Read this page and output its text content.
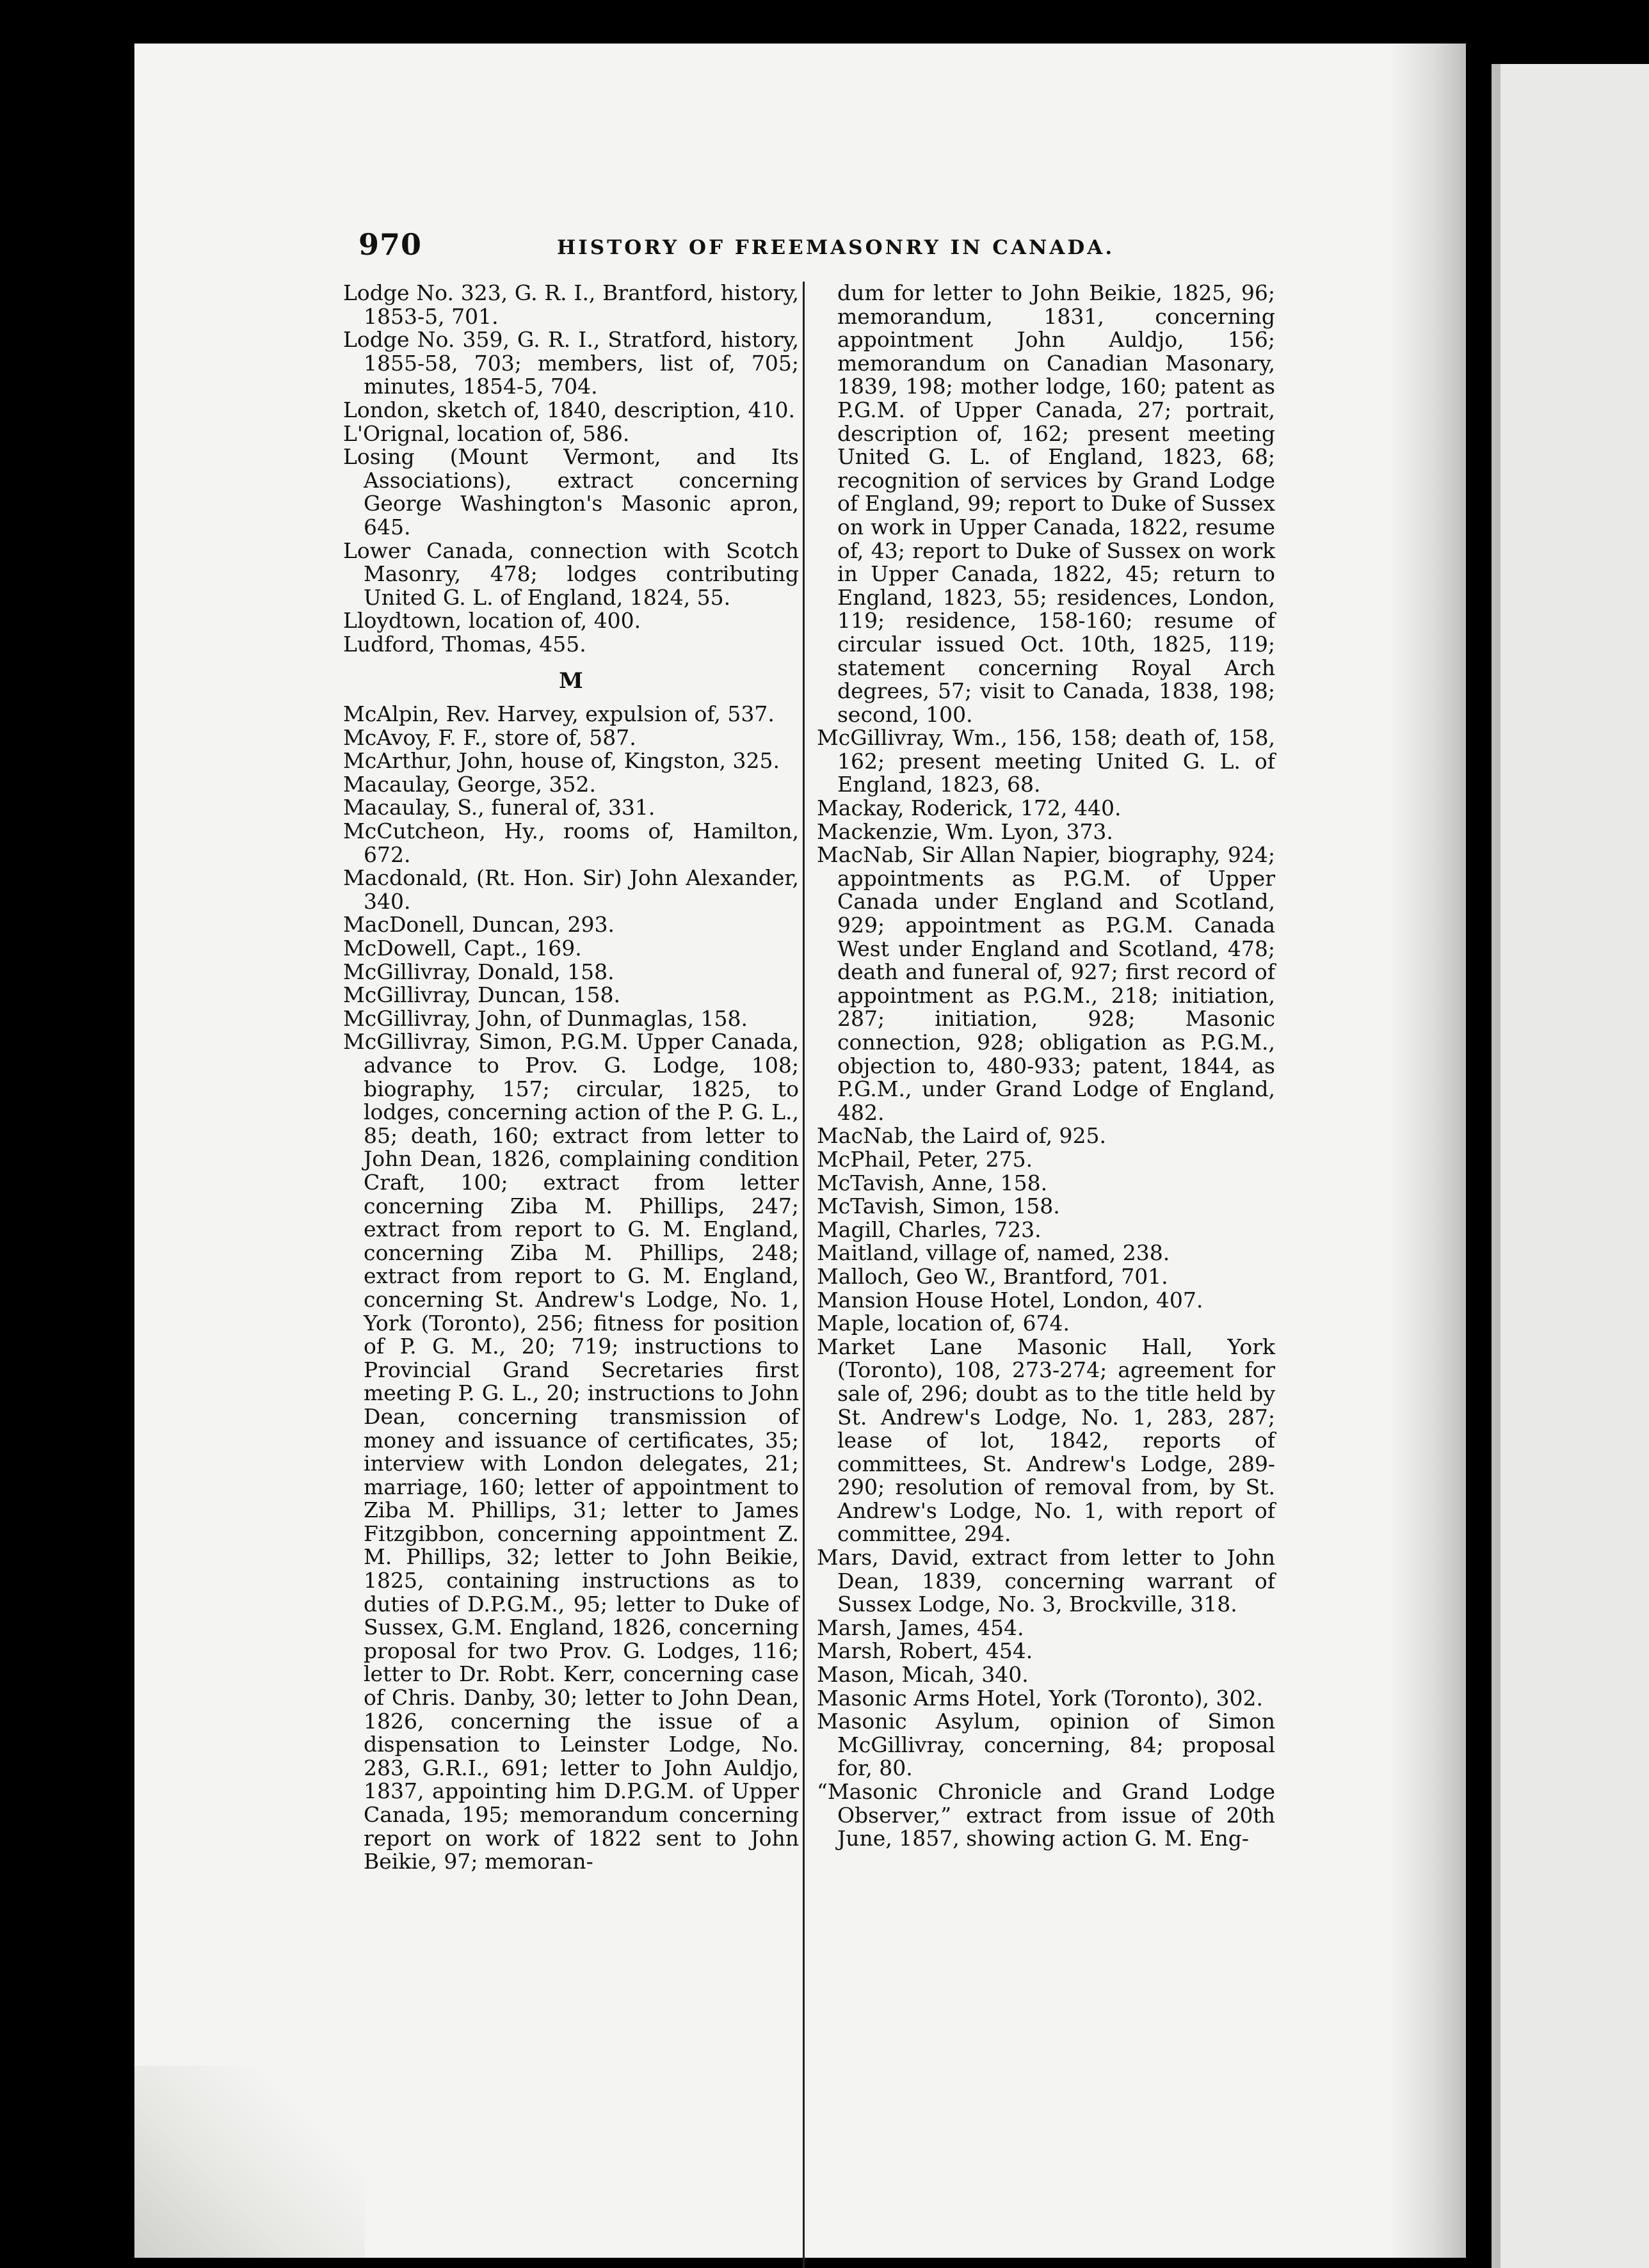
970	HISTORY OF FREEMASONRY IN CANADA.

Lodge No. 323, G. R. I., Brantford, history, 1853-5, 701.

Lodge No. 359, G. R. I., Stratford, history, 1855-58, 703; members, list of, 705; minutes, 1854-5, 704.

London, sketch of, 1840, description, 410.

L'Orignal, location of, 586.

Losing (Mount Vermont, and Its Associations), extract concerning George Washington's Masonic apron, 645.

Lower Canada, connection with Scotch Masonry, 478; lodges contributing United G. L. of England, 1824, 55.

Lloydtown, location of, 400.

Ludford, Thomas, 455.

M

McAlpin, Rev. Harvey, expulsion of, 537.

McAvoy, F. F., store of, 587.

McArthur, John, house of, Kingston, 325.

Macaulay, George, 352.

Macaulay, S., funeral of, 331.

McCutcheon, Hy., rooms of, Hamilton, 672.

Macdonald, (Rt. Hon. Sir) John Alexander, 340.

MacDonell, Duncan, 293.

McDowell, Capt., 169.

McGillivray, Donald, 158.

McGillivray, Duncan, 158.

McGillivray, John, of Dunmaglas, 158.

McGillivray, Simon, P.G.M. Upper Canada, advance to Prov. G. Lodge, 108; biography, 157; circular, 1825, to lodges, concerning action of the P. G. L., 85; death, 160; extract from letter to John Dean, 1826, complaining condition Craft, 100; extract from letter concerning Ziba M. Phillips, 247; extract from report to G. M. England, concerning Ziba M. Phillips, 248; extract from report to G. M. England, concerning St. Andrew's Lodge, No. 1, York (Toronto), 256; fitness for position of P. G. M., 20; 719; instructions to Provincial Grand Secretaries first meeting P. G. L., 20; instructions to John Dean, concerning transmission of money and issuance of certificates, 35; interview with London delegates, 21; marriage, 160; letter of appointment to Ziba M. Phillips, 31; letter to James Fitzgibbon, concerning appointment Z. M. Phillips, 32; letter to John Beikie, 1825, containing instructions as to duties of D.P.G.M., 95; letter to Duke of Sussex, G.M. England, 1826, concerning proposal for two Prov. G. Lodges, 116; letter to Dr. Robt. Kerr, concerning case of Chris. Danby, 30; letter to John Dean, 1826, concerning the issue of a dispensation to Leinster Lodge, No. 283, G.R.I., 691; letter to John Auldjo, 1837, appointing him D.P.G.M. of Upper Canada, 195; memorandum concerning report on work of 1822 sent to John Beikie, 97; memoran-

dum for letter to John Beikie, 1825, 96; memorandum, 1831, concerning appointment John Auldjo, 156; memorandum on Canadian Masonary, 1839, 198; mother lodge, 160; patent as P.G.M. of Upper Canada, 27; portrait, description of, 162; present meeting United G. L. of England, 1823, 68; recognition of services by Grand Lodge of England, 99; report to Duke of Sussex on work in Upper Canada, 1822, resume of, 43; report to Duke of Sussex on work in Upper Canada, 1822, 45; return to England, 1823, 55; residences, London, 119; residence, 158-160; resume of circular issued Oct. 10th, 1825, 119; statement concerning Royal Arch degrees, 57; visit to Canada, 1838, 198; second, 100.

McGillivray, Wm., 156, 158; death of, 158, 162; present meeting United G. L. of England, 1823, 68.

Mackay, Roderick, 172, 440.

Mackenzie, Wm. Lyon, 373.

MacNab, Sir Allan Napier, biography, 924; appointments as P.G.M. of Upper Canada under England and Scotland, 929; appointment as P.G.M. Canada West under England and Scotland, 478; death and funeral of, 927; first record of appointment as P.G.M., 218; initiation, 287; initiation, 928; Masonic connection, 928; obligation as P.G.M., objection to, 480-933; patent, 1844, as P.G.M., under Grand Lodge of England, 482.

MacNab, the Laird of, 925.

McPhail, Peter, 275.

McTavish, Anne, 158.

McTavish, Simon, 158.

Magill, Charles, 723.

Maitland, village of, named, 238.

Malloch, Geo W., Brantford, 701.

Mansion House Hotel, London, 407.

Maple, location of, 674.

Market Lane Masonic Hall, York (Toronto), 108, 273-274; agreement for sale of, 296; doubt as to the title held by St. Andrew's Lodge, No. 1, 283, 287; lease of lot, 1842, reports of committees, St. Andrew's Lodge, 289-290; resolution of removal from, by St. Andrew's Lodge, No. 1, with report of committee, 294.

Mars, David, extract from letter to John Dean, 1839, concerning warrant of Sussex Lodge, No. 3, Brockville, 318.

Marsh, James, 454.

Marsh, Robert, 454.

Mason, Micah, 340.

Masonic Arms Hotel, York (Toronto), 302.

Masonic Asylum, opinion of Simon McGillivray, concerning, 84; proposal for, 80.

“Masonic Chronicle and Grand Lodge Observer,” extract from issue of 20th June, 1857, showing action G. M. Eng-
